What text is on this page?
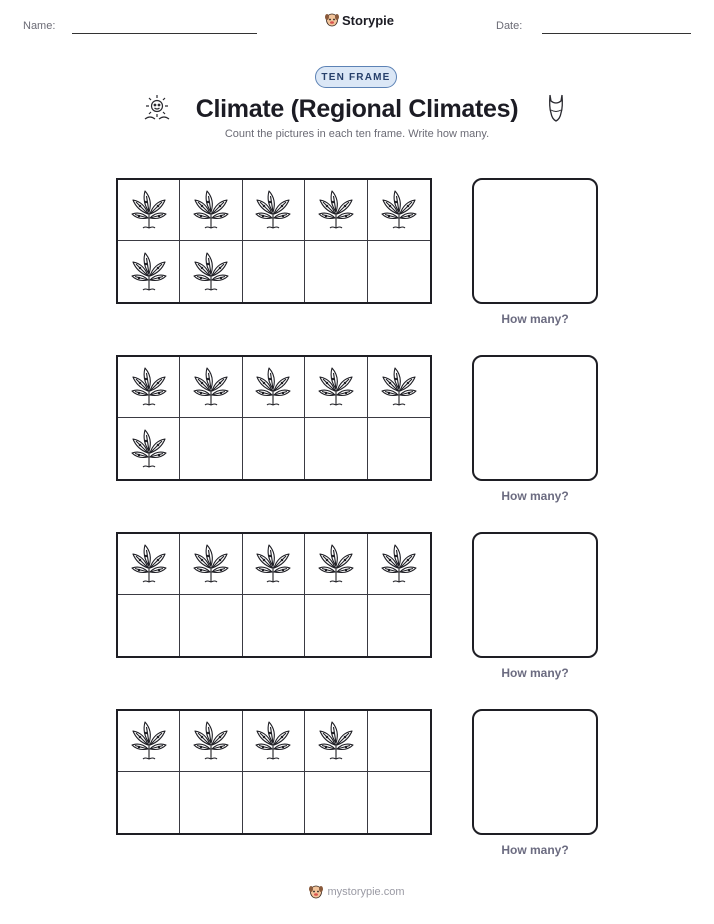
Name:	Storypie	Date:
TEN FRAME
Climate (Regional Climates)
Count the pictures in each ten frame. Write how many.
How many?
How many?
How many?
How many?
mystorypie.com
